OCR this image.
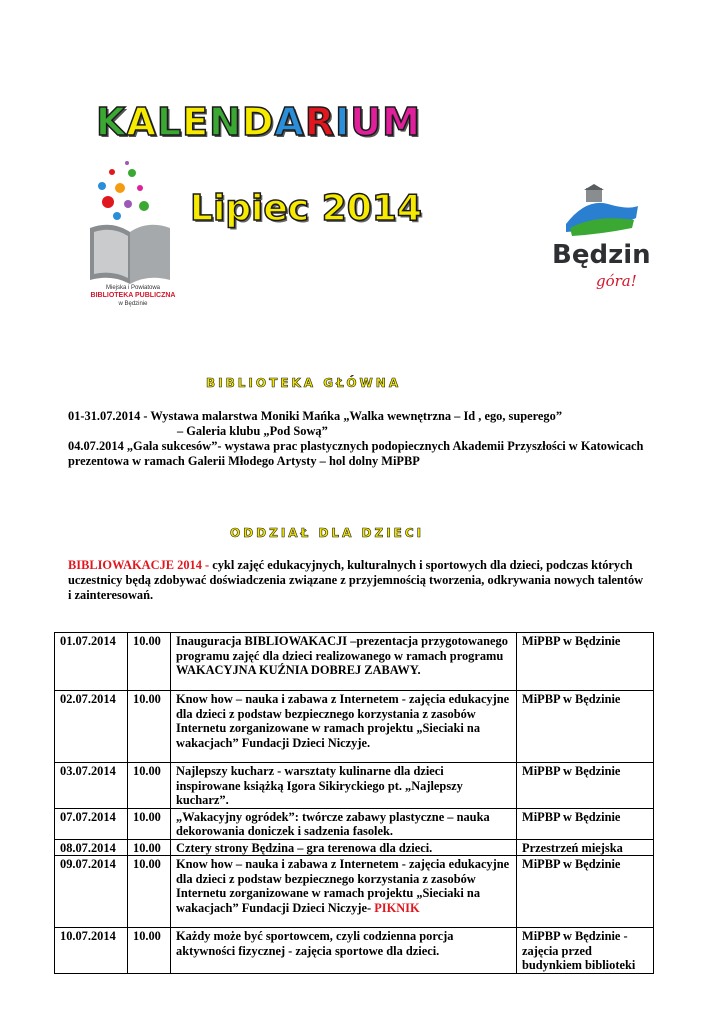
KALENDARIUM
Lipiec 2014
Miejska i Powiatowa
BIBLIOTEKA PUBLICZNA
w Będzinie
Będzin
góra!
BIBLIOTEKA GŁÓWNA
01-31.07.2014 - Wystawa malarstwa Moniki Mańka „Walka wewnętrzna – Id , ego, superego”
– Galeria klubu „Pod Sową”
04.07.2014 „Gala sukcesów”- wystawa prac plastycznych podopiecznych Akademii Przyszłości w Katowicach
prezentowa w ramach Galerii Młodego Artysty – hol dolny MiPBP
ODDZIAŁ DLA DZIECI
BIBLIOWAKACJE 2014 - cykl zajęć edukacyjnych, kulturalnych i sportowych dla dzieci, podczas których
uczestnicy będą zdobywać doświadczenia związane z przyjemnością tworzenia, odkrywania nowych talentów
i zainteresowań.
01.07.2014	10.00	Inauguracja BIBLIOWAKACJI –prezentacja przygotowanego programu zajęć dla dzieci realizowanego w ramach programu WAKACYJNA KUŹNIA DOBREJ ZABAWY.	MiPBP w Będzinie
02.07.2014	10.00	Know how – nauka i zabawa z Internetem - zajęcia edukacyjne dla dzieci z podstaw bezpiecznego korzystania z zasobów Internetu zorganizowane w ramach projektu „Sieciaki na wakacjach” Fundacji Dzieci Niczyje.	MiPBP w Będzinie
03.07.2014	10.00	Najlepszy kucharz - warsztaty kulinarne dla dzieci inspirowane książką Igora Sikiryckiego pt. „Najlepszy kucharz”.	MiPBP w Będzinie
07.07.2014	10.00	„Wakacyjny ogródek”: twórcze zabawy plastyczne – nauka dekorowania doniczek i sadzenia fasolek.	MiPBP w Będzinie
08.07.2014	10.00	Cztery strony Będzina – gra terenowa dla dzieci.	Przestrzeń miejska
09.07.2014	10.00	Know how – nauka i zabawa z Internetem - zajęcia edukacyjne dla dzieci z podstaw bezpiecznego korzystania z zasobów Internetu zorganizowane w ramach projektu „Sieciaki na wakacjach” Fundacji Dzieci Niczyje- PIKNIK	MiPBP w Będzinie
10.07.2014	10.00	Każdy może być sportowcem, czyli codzienna porcja aktywności fizycznej - zajęcia sportowe dla dzieci.	MiPBP w Będzinie - zajęcia przed budynkiem biblioteki
